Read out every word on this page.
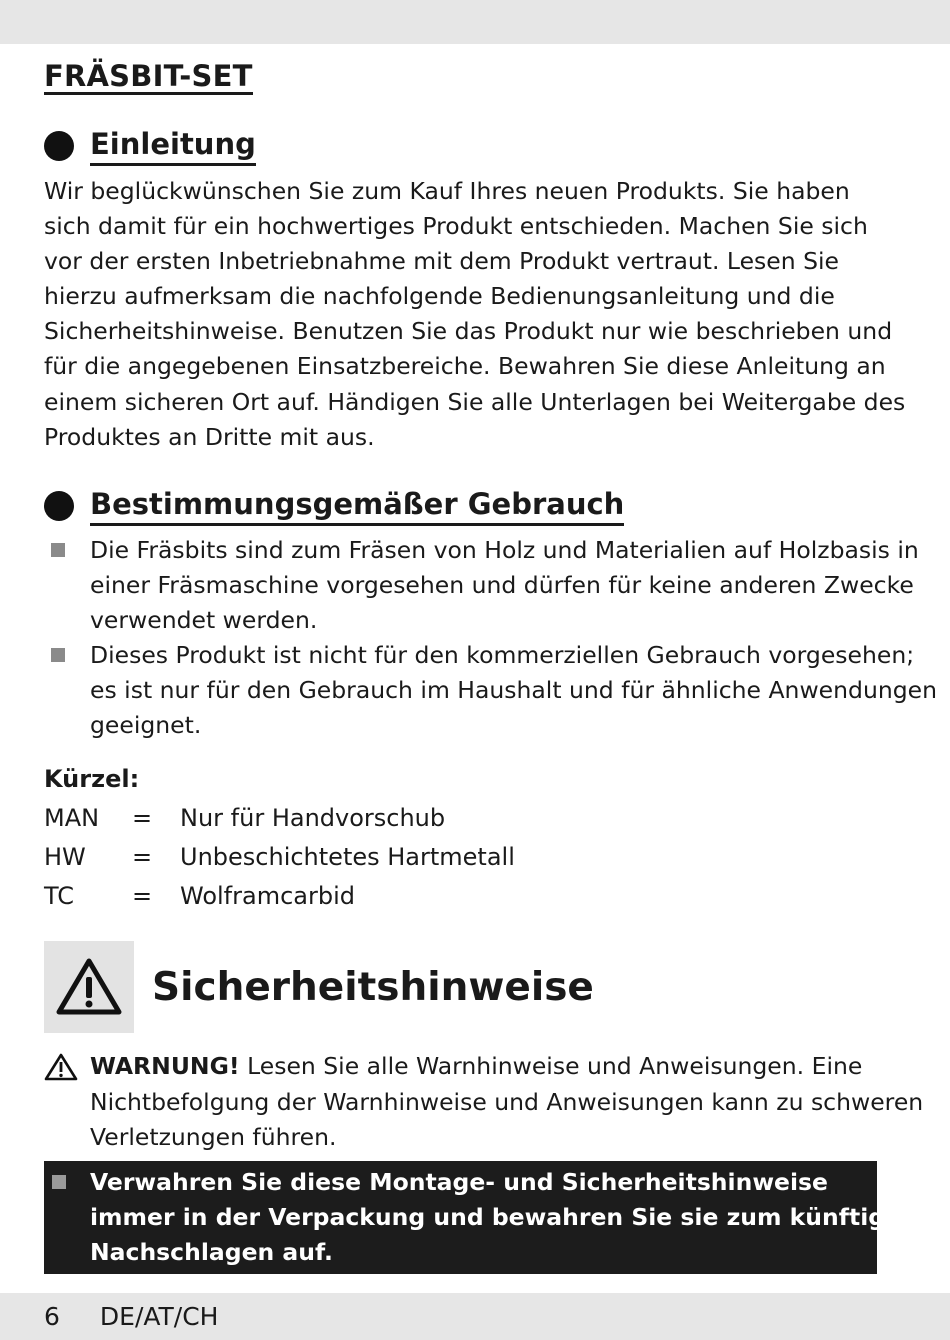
FRÄSBIT-SET
Einleitung
Wir beglückwünschen Sie zum Kauf Ihres neuen Produkts. Sie haben
sich damit für ein hochwertiges Produkt entschieden. Machen Sie sich
vor der ersten Inbetriebnahme mit dem Produkt vertraut. Lesen Sie
hierzu aufmerksam die nachfolgende Bedienungsanleitung und die
Sicherheitshinweise. Benutzen Sie das Produkt nur wie beschrieben und
für die angegebenen Einsatzbereiche. Bewahren Sie diese Anleitung an
einem sicheren Ort auf. Händigen Sie alle Unterlagen bei Weitergabe des
Produktes an Dritte mit aus.
Bestimmungsgemäßer Gebrauch
Die Fräsbits sind zum Fräsen von Holz und Materialien auf Holzbasis in
einer Fräsmaschine vorgesehen und dürfen für keine anderen Zwecke
verwendet werden.
Dieses Produkt ist nicht für den kommerziellen Gebrauch vorgesehen;
es ist nur für den Gebrauch im Haushalt und für ähnliche Anwendungen
geeignet.
Kürzel:
MAN = Nur für Handvorschub
HW = Unbeschichtetes Hartmetall
TC = Wolframcarbid
Sicherheitshinweise
WARNUNG! Lesen Sie alle Warnhinweise und Anweisungen. Eine
Nichtbefolgung der Warnhinweise und Anweisungen kann zu schweren
Verletzungen führen.
Verwahren Sie diese Montage- und Sicherheitshinweise
immer in der Verpackung und bewahren Sie sie zum künftigen
Nachschlagen auf.
6 DE/AT/CH
